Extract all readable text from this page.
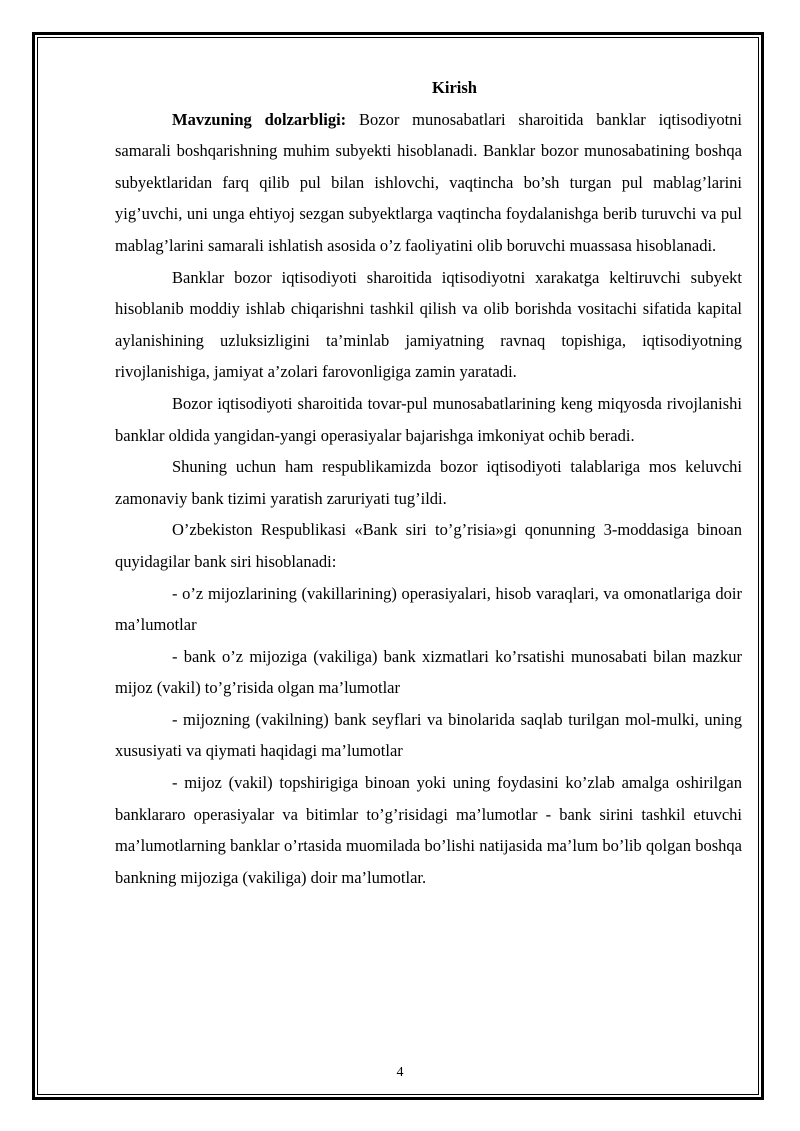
Kirish

Mavzuning dolzarbligi: Bozor munosabatlari sharoitida banklar iqtisodiyotni samarali boshqarishning muhim subyekti hisoblanadi. Banklar bozor munosabatining boshqa subyektlaridan farq qilib pul bilan ishlovchi, vaqtincha bo’sh turgan pul mablag’larini yig’uvchi, uni unga ehtiyoj sezgan subyektlarga vaqtincha foydalanishga berib turuvchi va pul mablag’larini samarali ishlatish asosida o’z faoliyatini olib boruvchi muassasa hisoblanadi.

Banklar bozor iqtisodiyoti sharoitida iqtisodiyotni xarakatga keltiruvchi subyekt hisoblanib moddiy ishlab chiqarishni tashkil qilish va olib borishda vositachi sifatida kapital aylanishining uzluksizligini ta’minlab jamiyatning ravnaq topishiga, iqtisodiyotning rivojlanishiga, jamiyat a’zolari farovonligiga zamin yaratadi.

Bozor iqtisodiyoti sharoitida tovar-pul munosabatlarining keng miqyosda rivojlanishi banklar oldida yangidan-yangi operasiyalar bajarishga imkoniyat ochib beradi.

Shuning uchun ham respublikamizda bozor iqtisodiyoti talablariga mos keluvchi zamonaviy bank tizimi yaratish zaruriyati tug’ildi.

O’zbekiston Respublikasi «Bank siri to’g’risia»gi qonunning 3-moddasiga binoan quyidagilar bank siri hisoblanadi:

- o’z mijozlarining (vakillarining) operasiyalari, hisob varaqlari, va omonatlariga doir ma’lumotlar

- bank o’z mijoziga (vakiliga) bank xizmatlari ko’rsatishi munosabati bilan mazkur mijoz (vakil) to’g’risida olgan ma’lumotlar

- mijozning (vakilning) bank seyflari va binolarida saqlab turilgan mol-mulki, uning xususiyati va qiymati haqidagi ma’lumotlar

- mijoz (vakil) topshirigiga binoan yoki uning foydasini ko’zlab amalga oshirilgan banklararo operasiyalar va bitimlar to’g’risidagi ma’lumotlar - bank sirini tashkil etuvchi ma’lumotlarning banklar o’rtasida muomilada bo’lishi natijasida ma’lum bo’lib qolgan boshqa bankning mijoziga (vakiliga) doir ma’lumotlar.

4
